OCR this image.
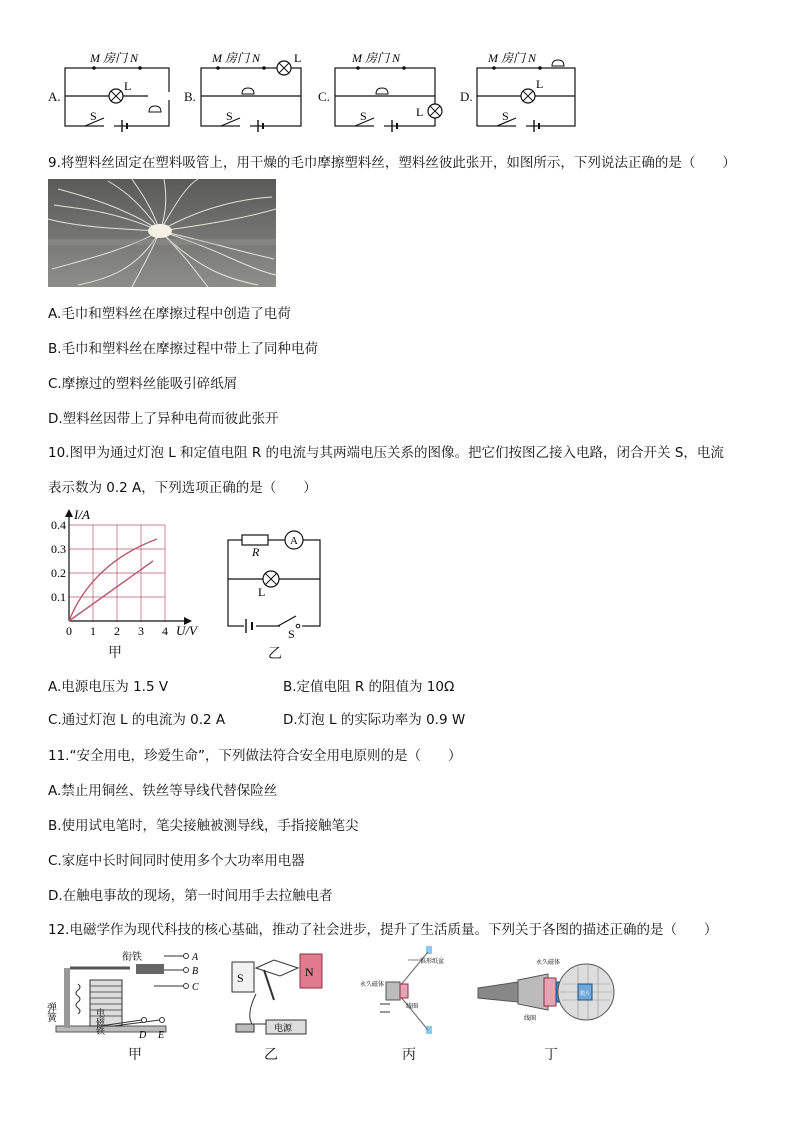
A.
M 房门 N
L
S
B.
M 房门 N	L
S
C.
M 房门 N
L
S
D.
M 房门 N
L
S
9.将塑料丝固定在塑料吸管上，用干燥的毛巾摩擦塑料丝，塑料丝彼此张开，如图所示，下列说法正确的是（　　）
A.毛巾和塑料丝在摩擦过程中创造了电荷
B.毛巾和塑料丝在摩擦过程中带上了同种电荷
C.摩擦过的塑料丝能吸引碎纸屑
D.塑料丝因带上了异种电荷而彼此张开
10.图甲为通过灯泡 L 和定值电阻 R 的电流与其两端电压关系的图像。把它们按图乙接入电路，闭合开关 S，电流
表示数为 0.2 A，下列选项正确的是（　　）
I/A
0.4
0.3
0.2
0.1
0 1 2 3 4 U/V
甲
R
A
L
S
乙
A.电源电压为 1.5 V	B.定值电阻 R 的阻值为 10Ω
C.通过灯泡 L 的电流为 0.2 A	D.灯泡 L 的实际功率为 0.9 W
11.“安全用电，珍爱生命”，下列做法符合安全用电原则的是（　　）
A.禁止用铜丝、铁丝等导线代替保险丝
B.使用试电笔时，笔尖接触被测导线，手指接触笔尖
C.家庭中长时间同时使用多个大功率用电器
D.在触电事故的现场，第一时间用手去拉触电者
12.电磁学作为现代科技的核心基础，推动了社会进步，提升了生活质量。下列关于各图的描述正确的是（　　）
衔铁
弹簧	电磁铁
A
B
C
D E
甲
S	N
电源
乙
锥形纸盆
永久磁体
线圈
丙
膜片
永久磁体
线圈
丁
